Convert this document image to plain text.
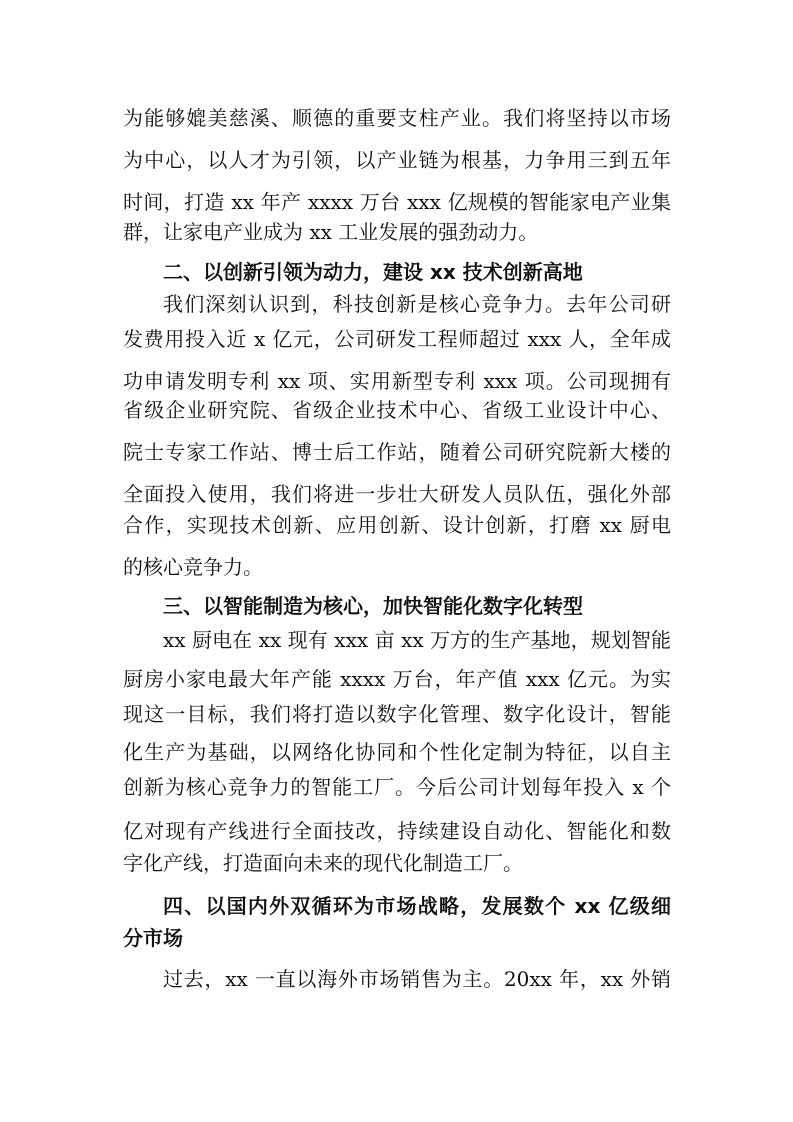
为能够媲美慈溪、顺德的重要支柱产业。我们将坚持以市场
为中心，以人才为引领，以产业链为根基，力争用三到五年
时间，打造 xx 年产 xxxx 万台 xxx 亿规模的智能家电产业集
群，让家电产业成为 xx 工业发展的强劲动力。
二、以创新引领为动力，建设 xx 技术创新高地
我们深刻认识到，科技创新是核心竞争力。去年公司研
发费用投入近 x 亿元，公司研发工程师超过 xxx 人，全年成
功申请发明专利 xx 项、实用新型专利 xxx 项。公司现拥有
省级企业研究院、省级企业技术中心、省级工业设计中心、
院士专家工作站、博士后工作站，随着公司研究院新大楼的
全面投入使用，我们将进一步壮大研发人员队伍，强化外部
合作，实现技术创新、应用创新、设计创新，打磨 xx 厨电
的核心竞争力。
三、以智能制造为核心，加快智能化数字化转型
xx 厨电在 xx 现有 xxx 亩 xx 万方的生产基地，规划智能
厨房小家电最大年产能 xxxx 万台，年产值 xxx 亿元。为实
现这一目标，我们将打造以数字化管理、数字化设计，智能
化生产为基础，以网络化协同和个性化定制为特征，以自主
创新为核心竞争力的智能工厂。今后公司计划每年投入 x 个
亿对现有产线进行全面技改，持续建设自动化、智能化和数
字化产线，打造面向未来的现代化制造工厂。
四、以国内外双循环为市场战略，发展数个 xx 亿级细
分市场
过去，xx 一直以海外市场销售为主。20xx 年，xx 外销
